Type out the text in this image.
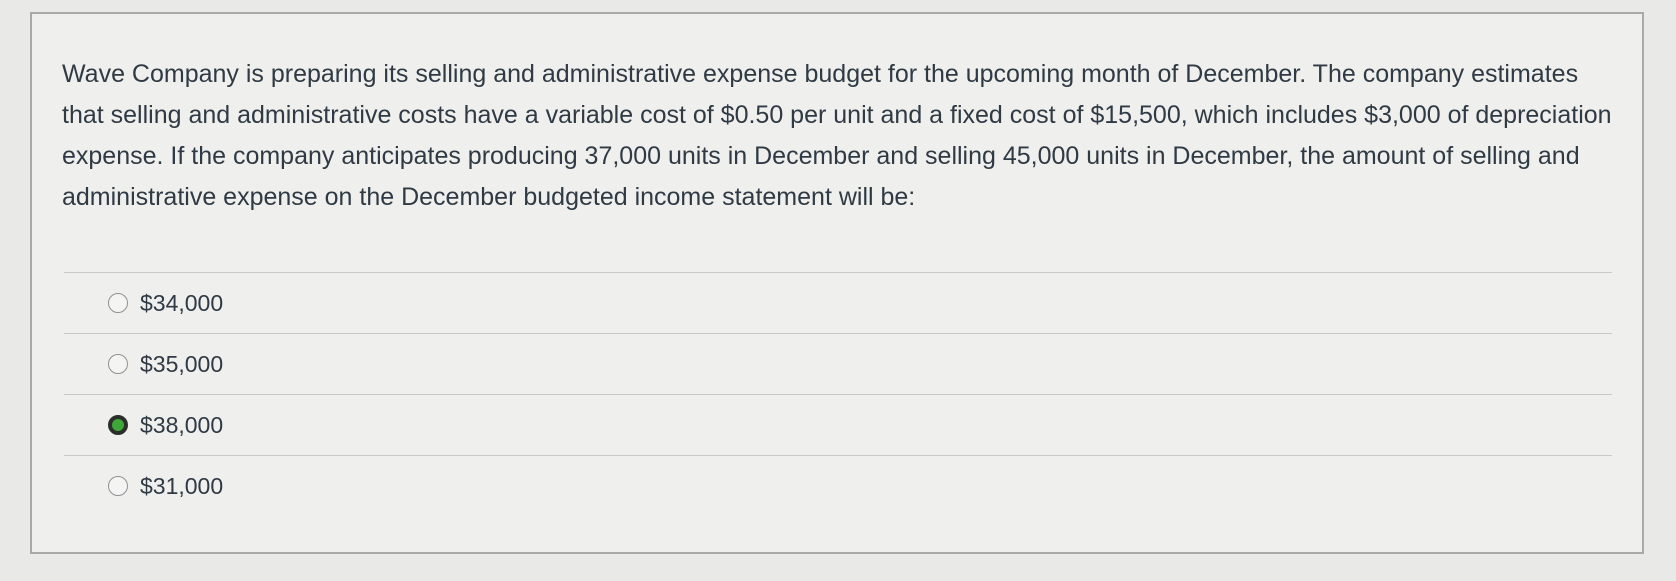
Wave Company is preparing its selling and administrative expense budget for the upcoming month of December. The company estimates that selling and administrative costs have a variable cost of $0.50 per unit and a fixed cost of $15,500, which includes $3,000 of depreciation expense. If the company anticipates producing 37,000 units in December and selling 45,000 units in December, the amount of selling and administrative expense on the December budgeted income statement will be:

$34,000
$35,000
$38,000
$31,000
